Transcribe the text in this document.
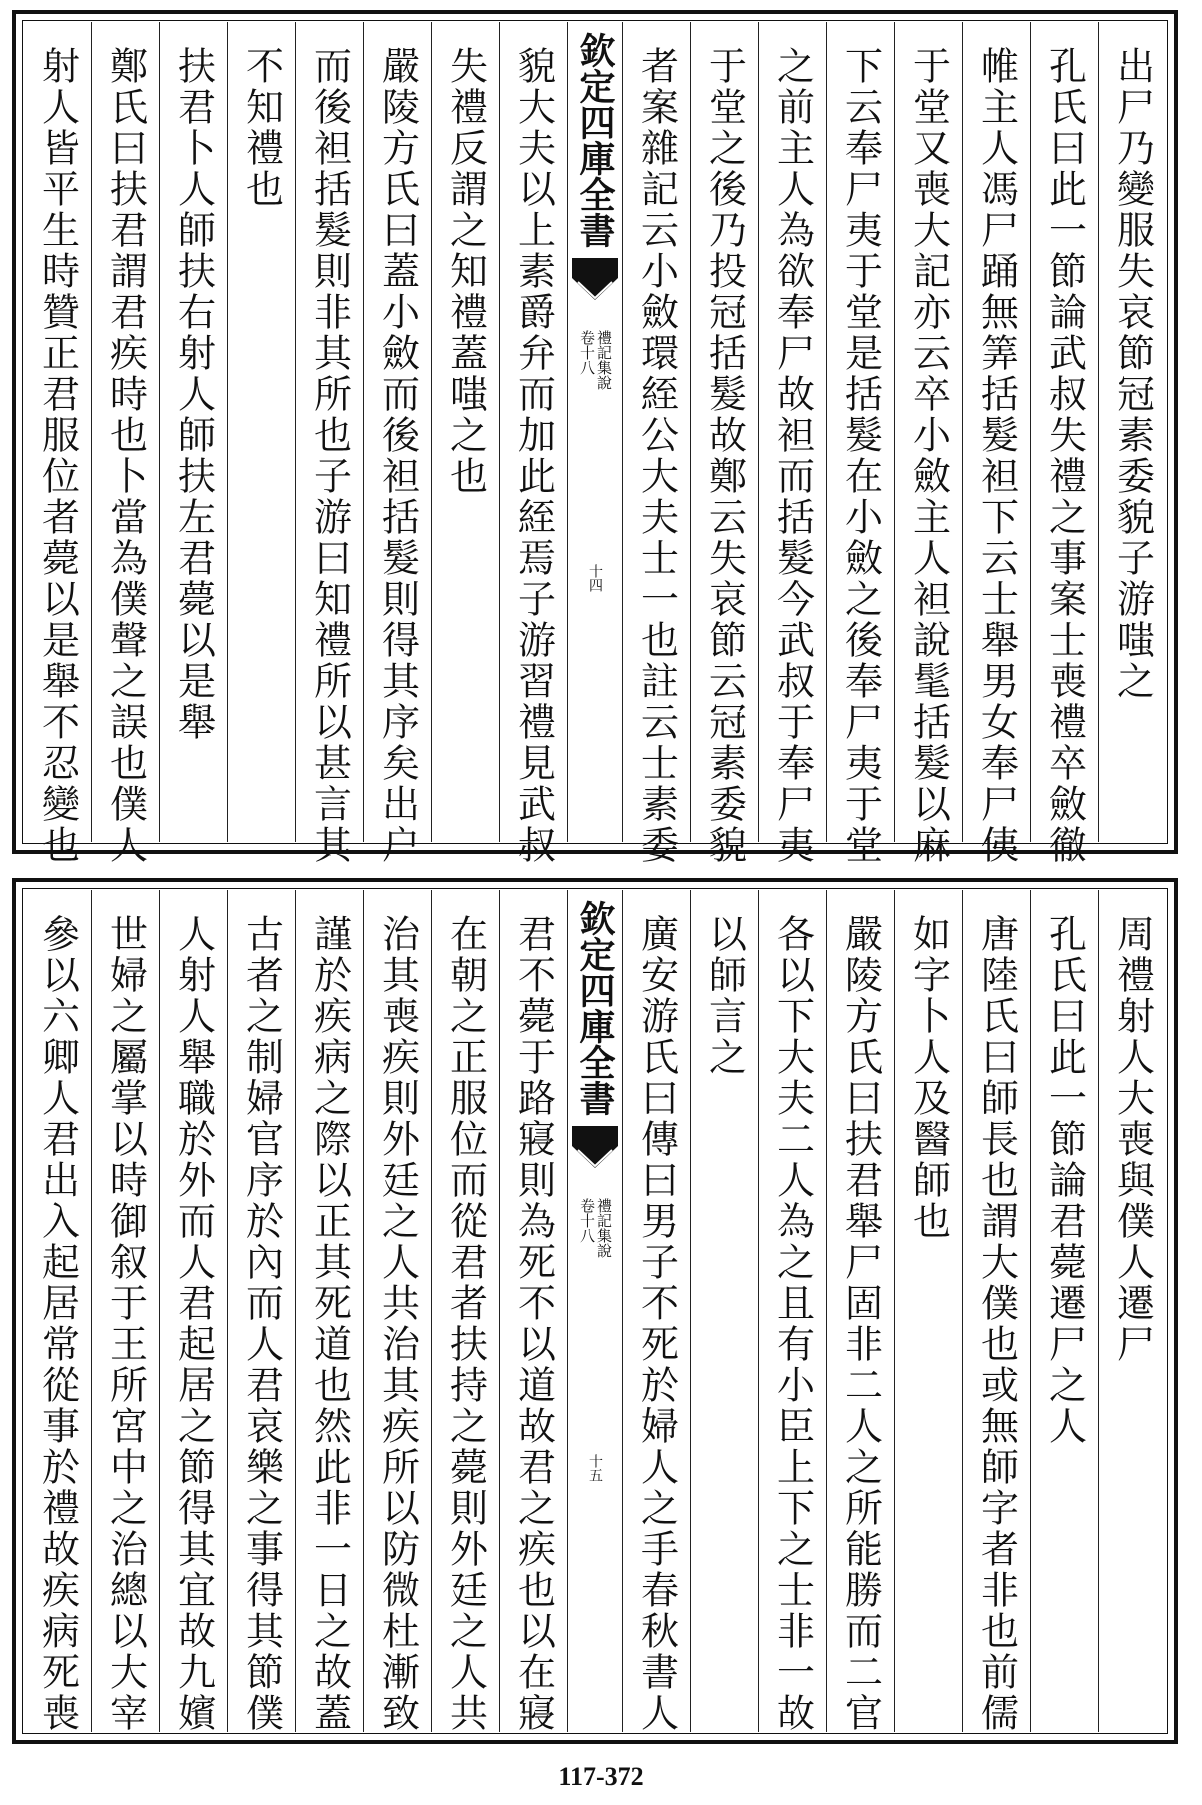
出尸乃變服失哀節冠素委貌子游嗤之
孔氏曰此一節論武叔失禮之事案士喪禮卒斂徹
帷主人馮尸踊無筭括髮袒下云士舉男女奉尸侇
于堂又喪大記亦云卒小斂主人袒說髦括髮以麻
下云奉尸夷于堂是括髮在小斂之後奉尸夷于堂
之前主人為欲奉尸故袒而括髮今武叔于奉尸夷
于堂之後乃投冠括髮故鄭云失哀節云冠素委貌
者案雜記云小斂環絰公大夫士一也註云士素委
欽定四庫全書
禮記集說
卷十八
十四
貌大夫以上素爵弁而加此絰焉子游習禮見武叔
失禮反謂之知禮蓋嗤之也
嚴陵方氏曰蓋小斂而後袒括髮則得其序矣出户
而後袒括髮則非其所也子游曰知禮所以甚言其
不知禮也
扶君卜人師扶右射人師扶左君薨以是舉
鄭氏曰扶君謂君疾時也卜當為僕聲之誤也僕人
射人皆平生時贊正君服位者薨以是舉不忍變也
周禮射人大喪與僕人遷尸
孔氏曰此一節論君薨遷尸之人
唐陸氏曰師長也謂大僕也或無師字者非也前儒
如字卜人及醫師也
嚴陵方氏曰扶君舉尸固非二人之所能勝而二官
各以下大夫二人為之且有小臣上下之士非一故
以師言之
廣安游氏曰傳曰男子不死於婦人之手春秋書人
欽定四庫全書
禮記集說
卷十八
十五
君不薨于路寢則為死不以道故君之疾也以在寢
在朝之正服位而從君者扶持之薨則外廷之人共
治其喪疾則外廷之人共治其疾所以防微杜漸致
謹於疾病之際以正其死道也然此非一日之故蓋
古者之制婦官序於內而人君哀樂之事得其節僕
人射人舉職於外而人君起居之節得其宜故九嬪
世婦之屬掌以時御叙于王所宮中之治總以大宰
參以六卿人君出入起居常從事於禮故疾病死喪
117-372
